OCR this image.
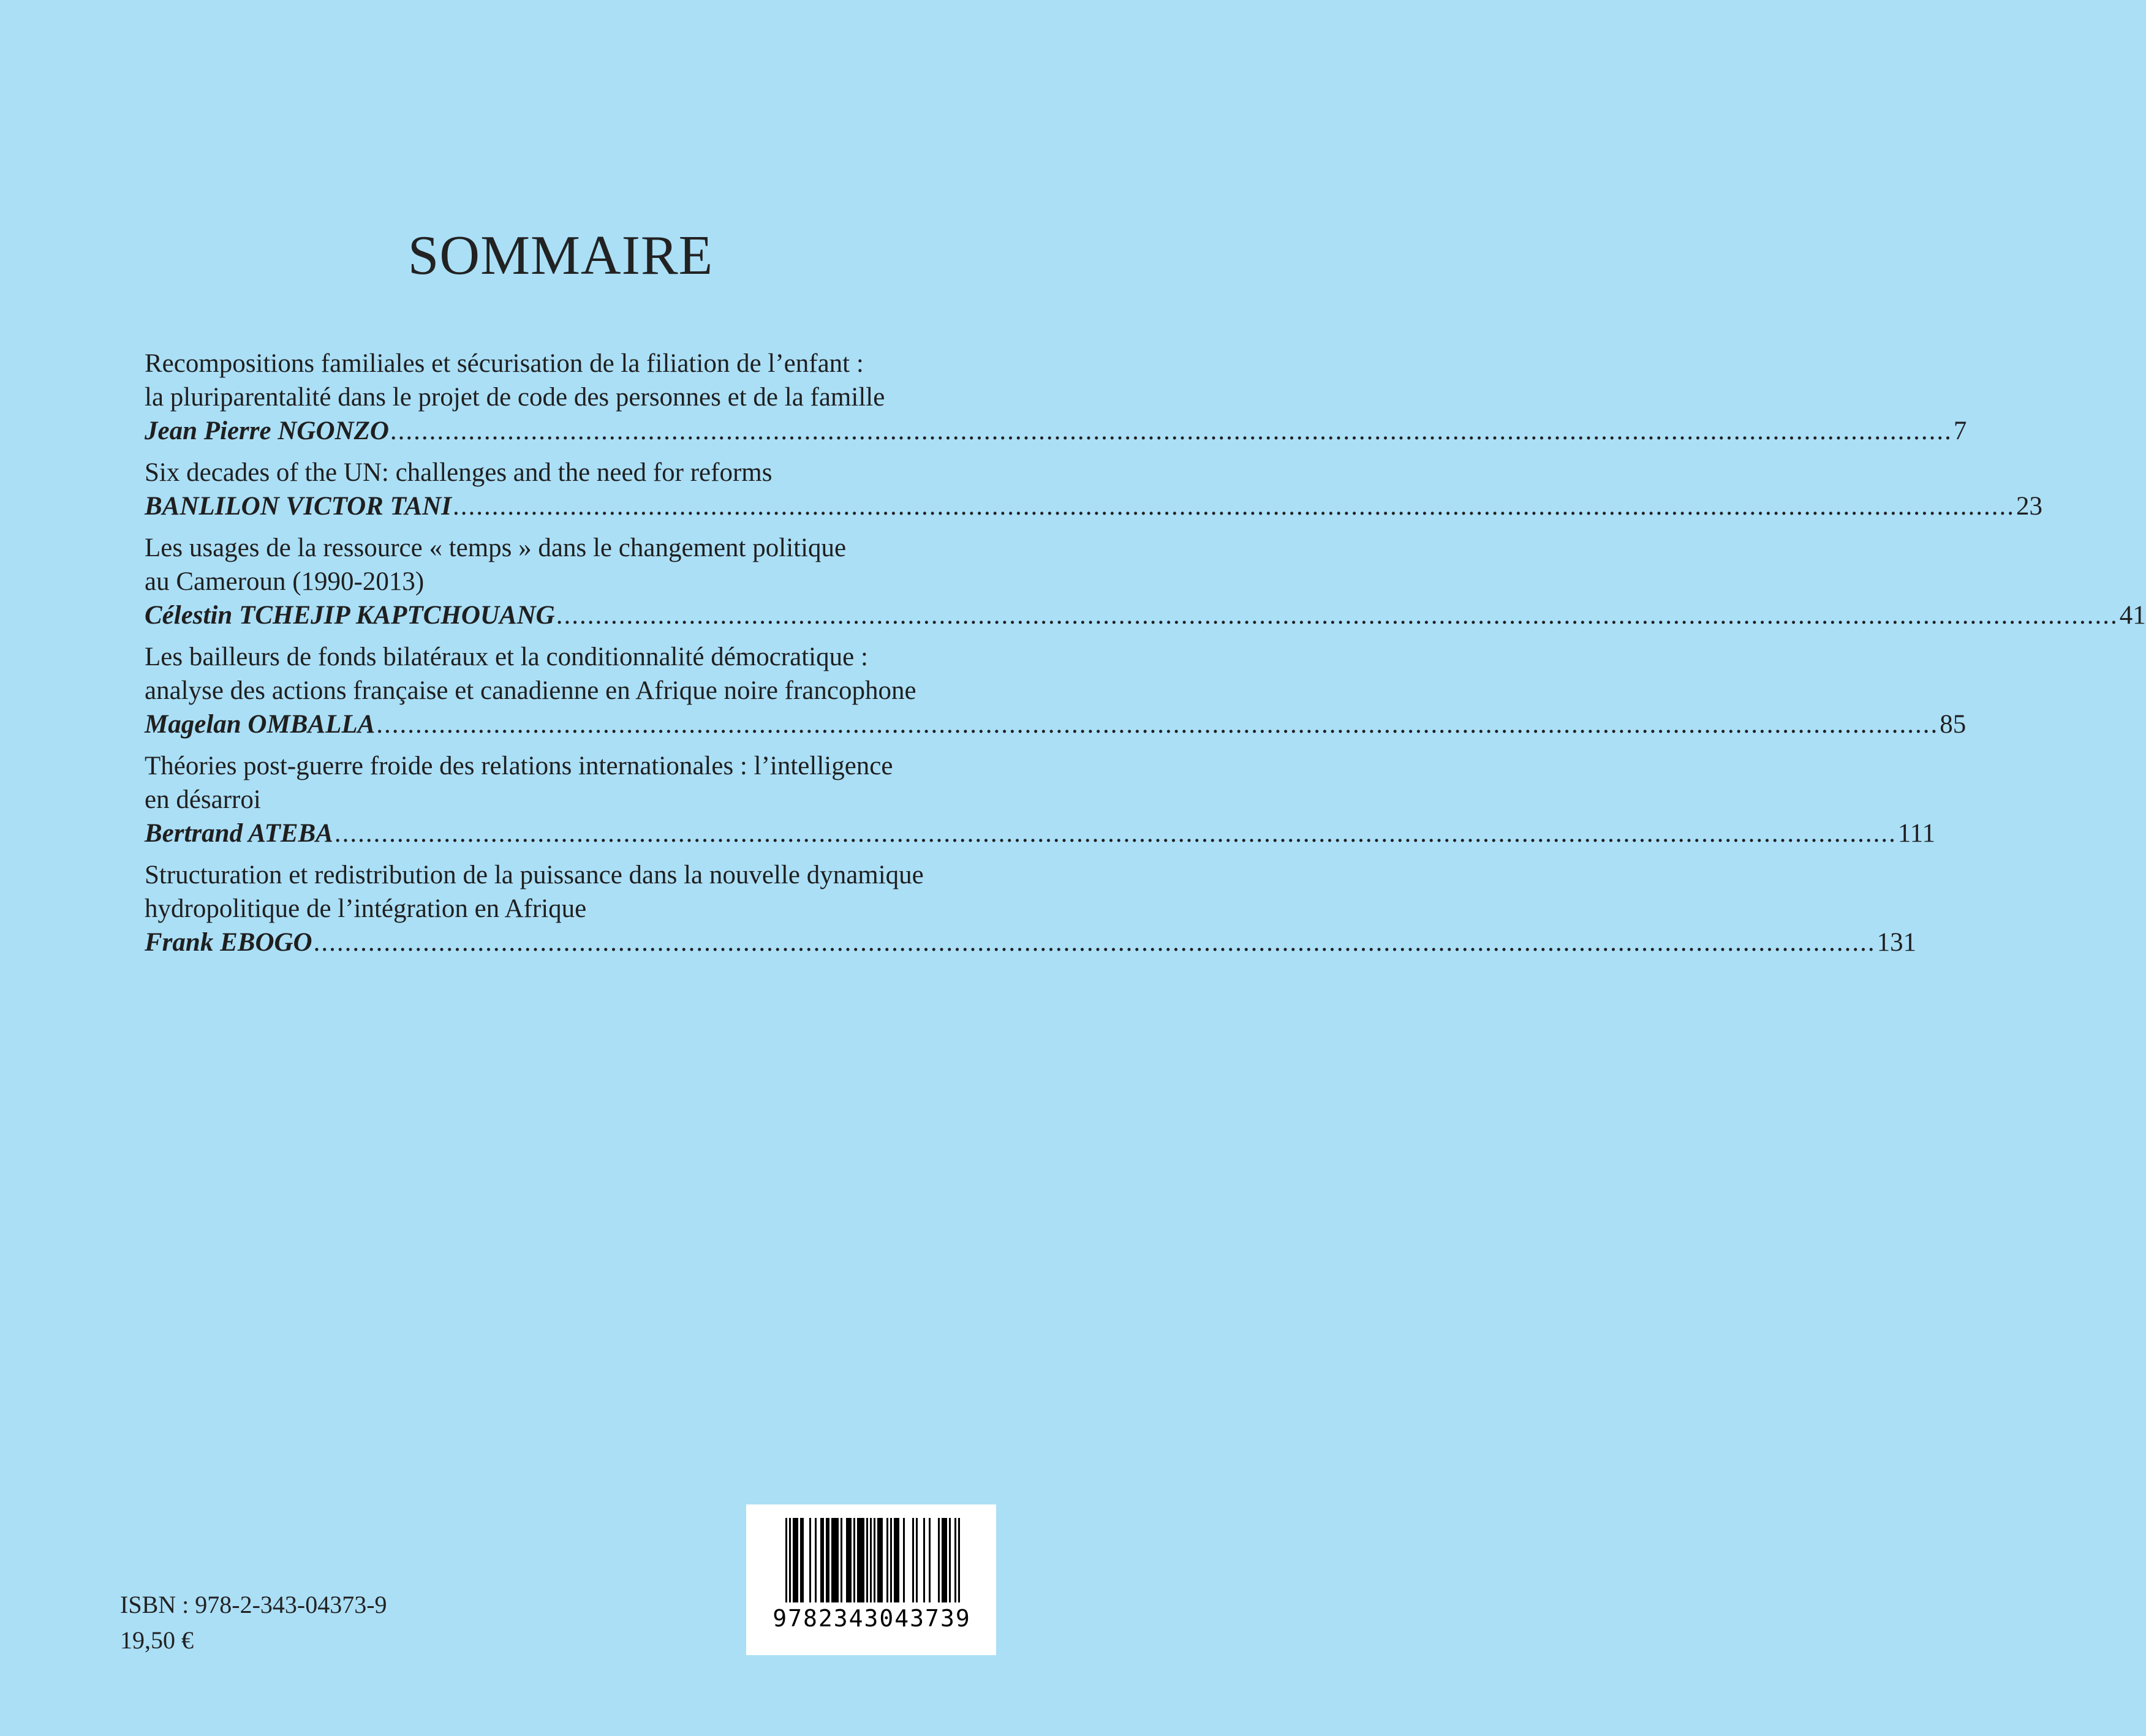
SOMMAIRE
Recompositions familiales et sécurisation de la filiation de l’enfant :
la pluriparentalité dans le projet de code des personnes et de la famille
Jean Pierre NGONZO ........................................................................................................................................................................................................ 7
Six decades of the UN: challenges and the need for reforms
BANLILON VICTOR TANI ........................................................................................................................................................................................................ 23
Les usages de la ressource « temps » dans le changement politique
au Cameroun (1990-2013)
Célestin TCHEJIP KAPTCHOUANG ........................................................................................................................................................................................................ 41
Les bailleurs de fonds bilatéraux et la conditionnalité démocratique :
analyse des actions française et canadienne en Afrique noire francophone
Magelan OMBALLA ........................................................................................................................................................................................................ 85
Théories post-guerre froide des relations internationales : l’intelligence
en désarroi
Bertrand ATEBA ........................................................................................................................................................................................................ 111
Structuration et redistribution de la puissance dans la nouvelle dynamique
hydropolitique de l’intégration en Afrique
Frank EBOGO ........................................................................................................................................................................................................ 131
ISBN : 978-2-343-04373-9
19,50 €
9782343043739
